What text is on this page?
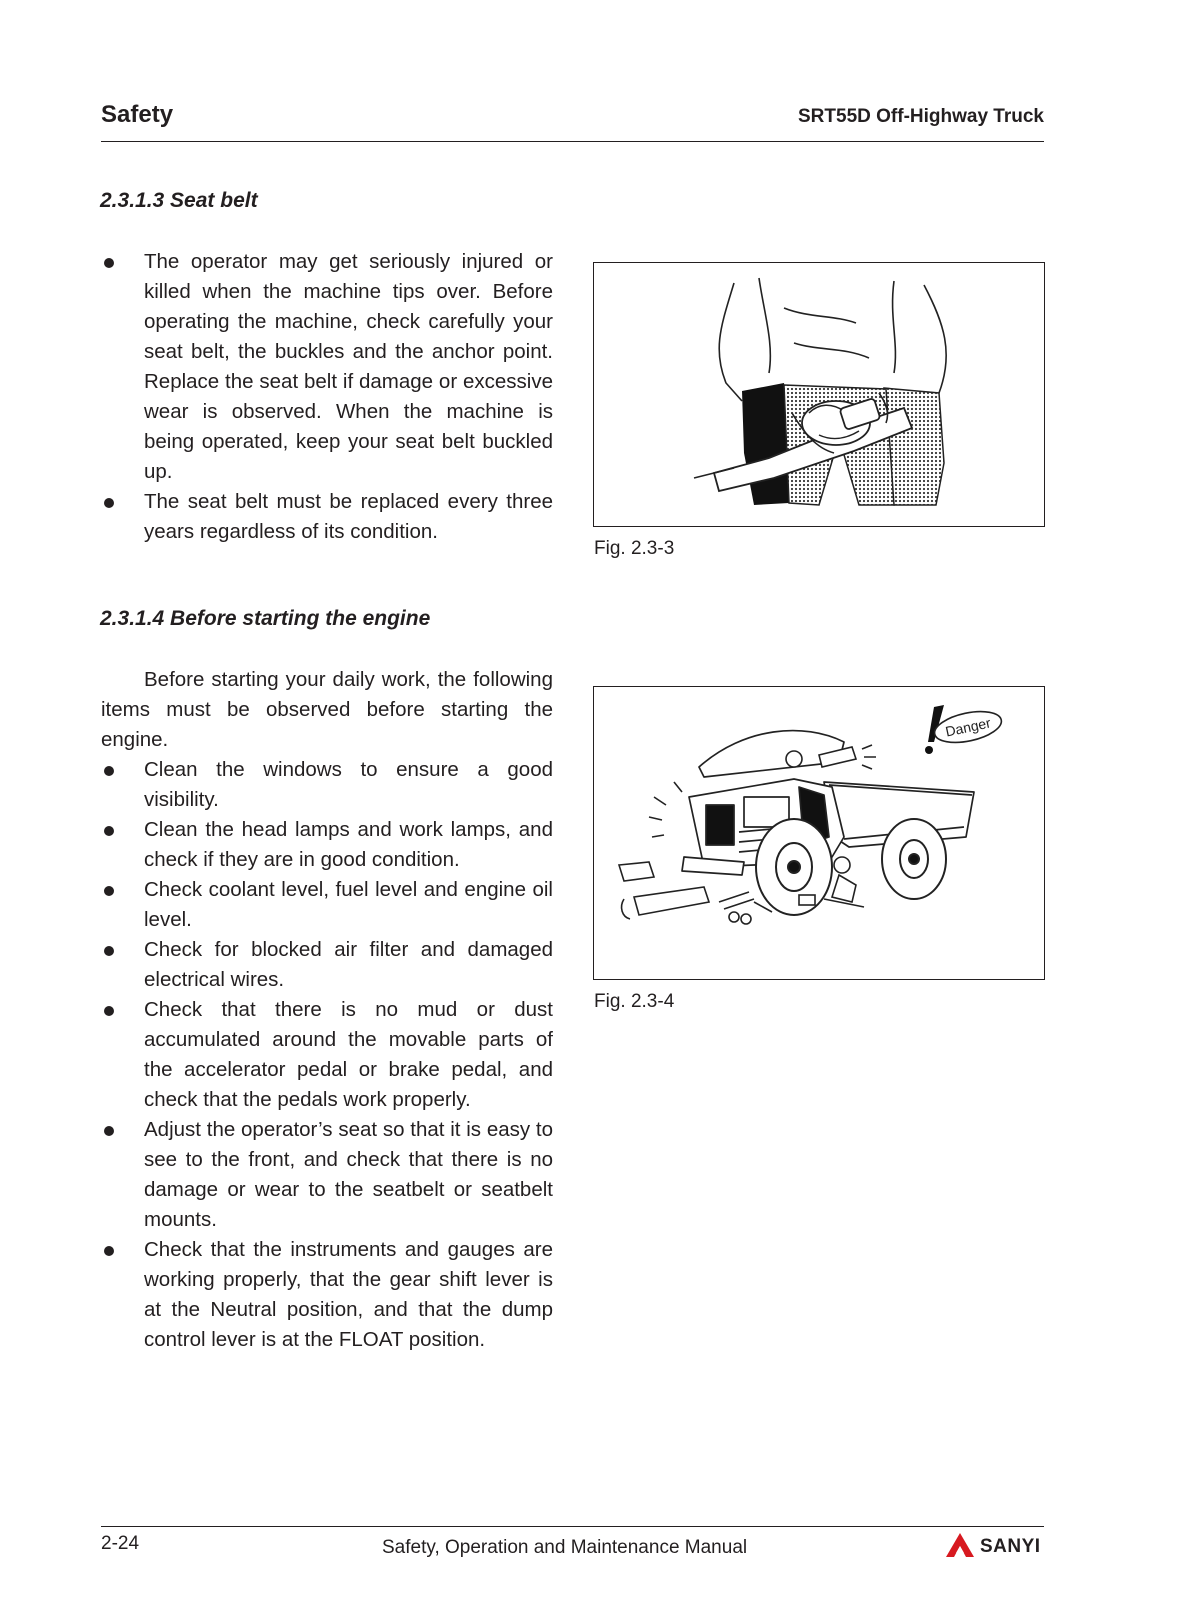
Safety	SRT55D Off-Highway Truck
2.3.1.3 Seat belt
The operator may get seriously injured or killed when the machine tips over. Before operating the machine, check carefully your seat belt, the buckles and the anchor point. Replace the seat belt if damage or excessive wear is observed. When the machine is being operated, keep your seat belt buckled up.
The seat belt must be replaced every three years regardless of its condition.
Fig. 2.3-3
2.3.1.4 Before starting the engine

Before starting your daily work, the following items must be observed before starting the engine.

Clean the windows to ensure a good visibility.
Clean the head lamps and work lamps, and check if they are in good condition.
Check coolant level, fuel level and engine oil level.
Check for blocked air filter and damaged electrical wires.
Check that there is no mud or dust accumulated around the movable parts of the accelerator pedal or brake pedal, and check that the pedals work properly.
Adjust the operator’s seat so that it is easy to see to the front, and check that there is no damage or wear to the seatbelt or seatbelt mounts.
Check that the instruments and gauges are working properly, that the gear shift lever is at the Neutral position, and that the dump control lever is at the FLOAT position.
Danger
Fig. 2.3-4
2-24	Safety, Operation and Maintenance Manual	SANYI
